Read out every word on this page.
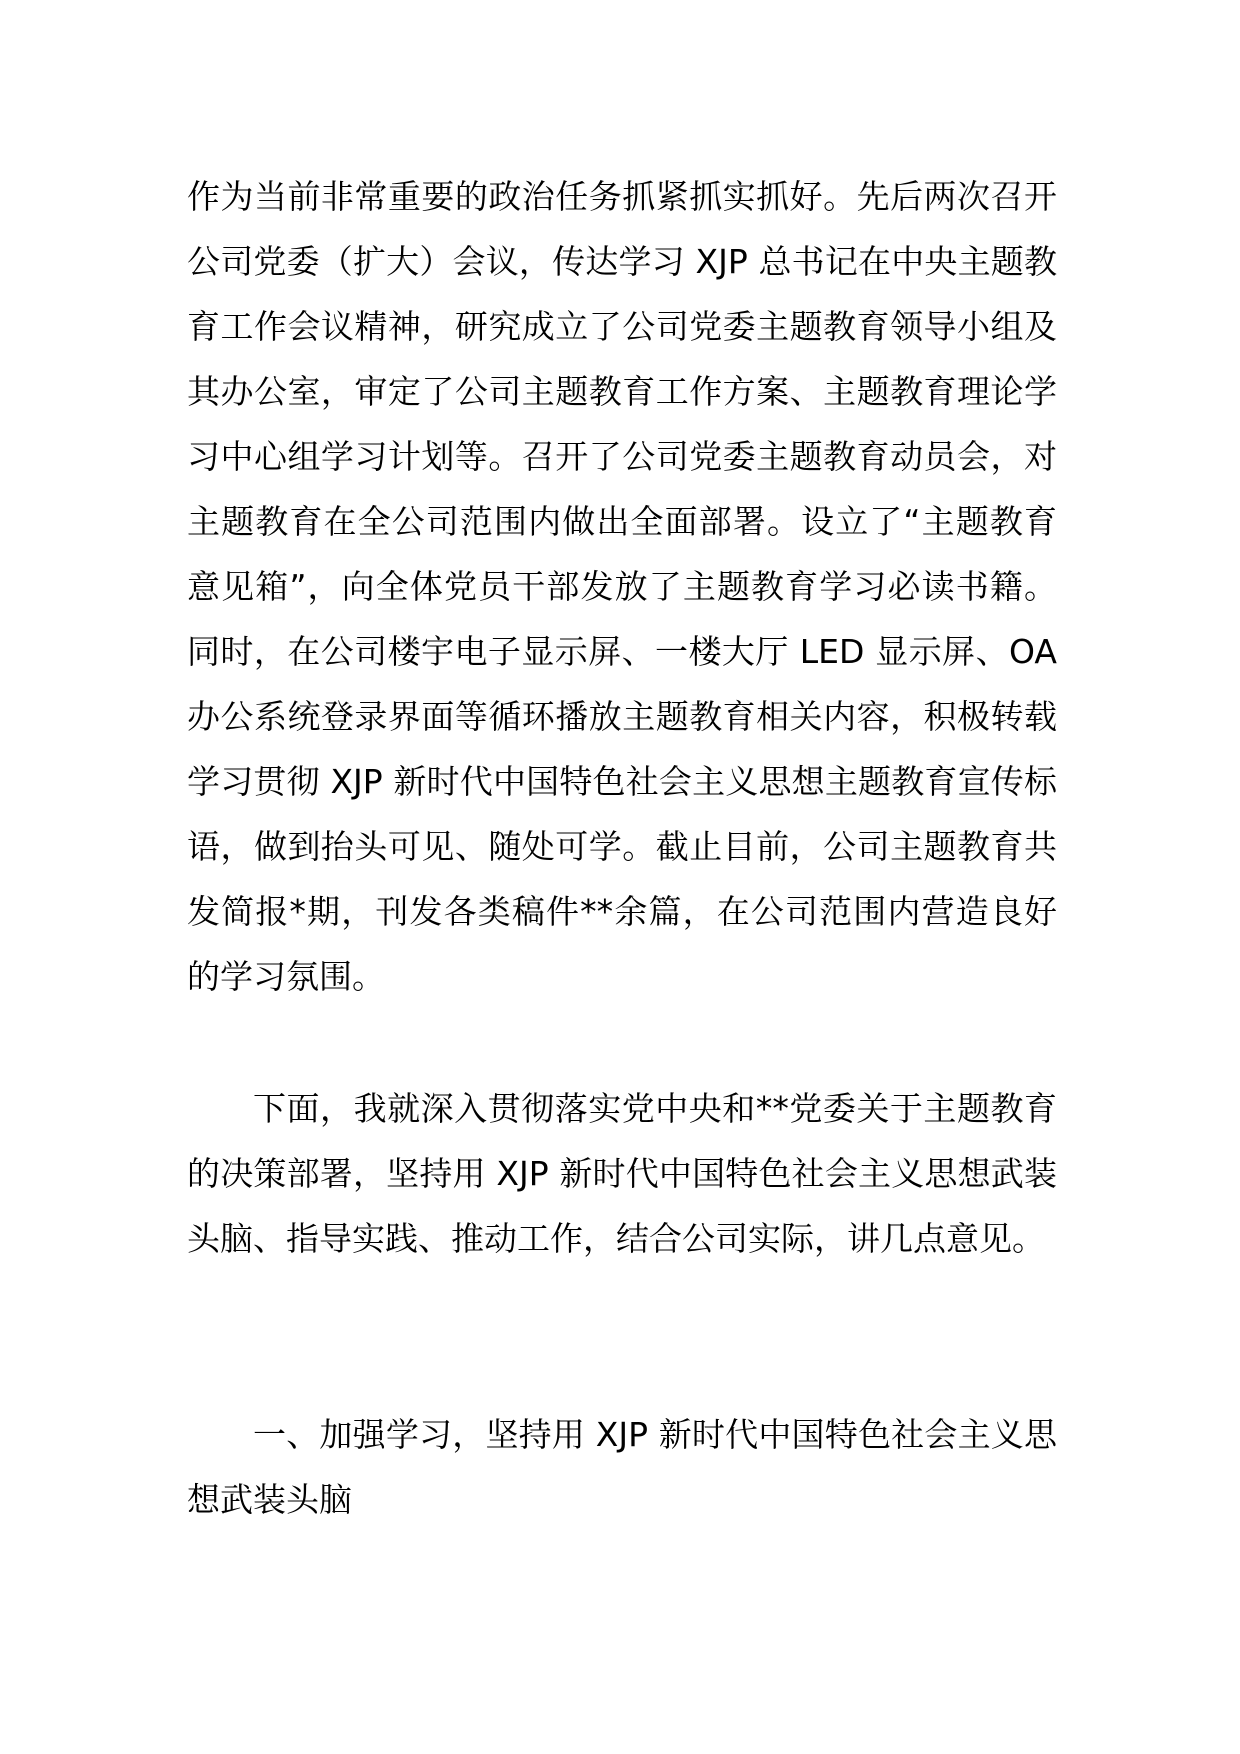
作为当前非常重要的政治任务抓紧抓实抓好。先后两次召开公司党委（扩大）会议，传达学习 XJP 总书记在中央主题教育工作会议精神，研究成立了公司党委主题教育领导小组及其办公室，审定了公司主题教育工作方案、主题教育理论学习中心组学习计划等。召开了公司党委主题教育动员会，对主题教育在全公司范围内做出全面部署。设立了“主题教育意见箱”，向全体党员干部发放了主题教育学习必读书籍。同时，在公司楼宇电子显示屏、一楼大厅 LED 显示屏、OA 办公系统登录界面等循环播放主题教育相关内容，积极转载学习贯彻 XJP 新时代中国特色社会主义思想主题教育宣传标语，做到抬头可见、随处可学。截止目前，公司主题教育共发简报*期，刊发各类稿件**余篇，在公司范围内营造良好的学习氛围。

下面，我就深入贯彻落实党中央和**党委关于主题教育的决策部署，坚持用 XJP 新时代中国特色社会主义思想武装头脑、指导实践、推动工作，结合公司实际，讲几点意见。

一、加强学习，坚持用 XJP 新时代中国特色社会主义思想武装头脑
